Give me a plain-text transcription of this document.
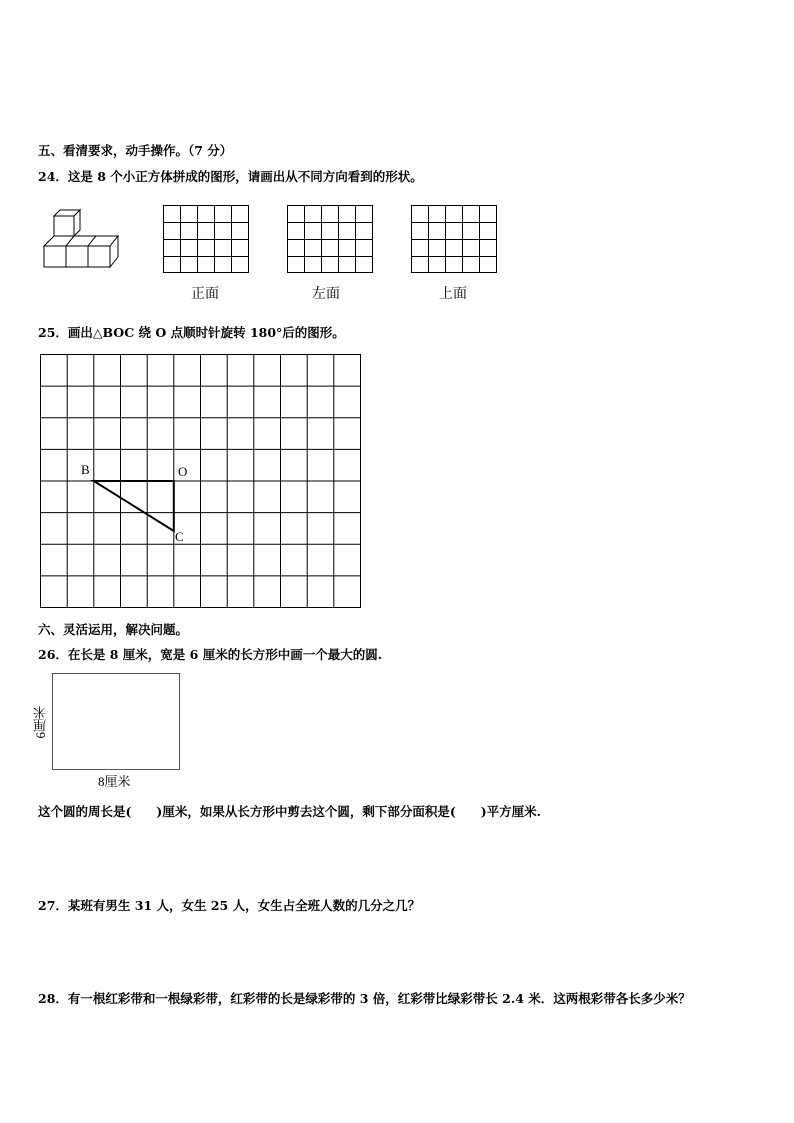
五、看清要求，动手操作。（7 分）
24．这是 8 个小正方体拼成的图形，请画出从不同方向看到的形状。
正面	左面	上面
25．画出△BOC 绕 O 点顺时针旋转 180°后的图形。
B	O
C
六、灵活运用，解决问题。
26．在长是 8 厘米，宽是 6 厘米的长方形中画一个最大的圆.
8厘米
6厘米
这个圆的周长是(　　)厘米，如果从长方形中剪去这个圆，剩下部分面积是(　　)平方厘米.
27．某班有男生 31 人，女生 25 人，女生占全班人数的几分之几？
28．有一根红彩带和一根绿彩带，红彩带的长是绿彩带的 3 倍，红彩带比绿彩带长 2.4 米．这两根彩带各长多少米？
